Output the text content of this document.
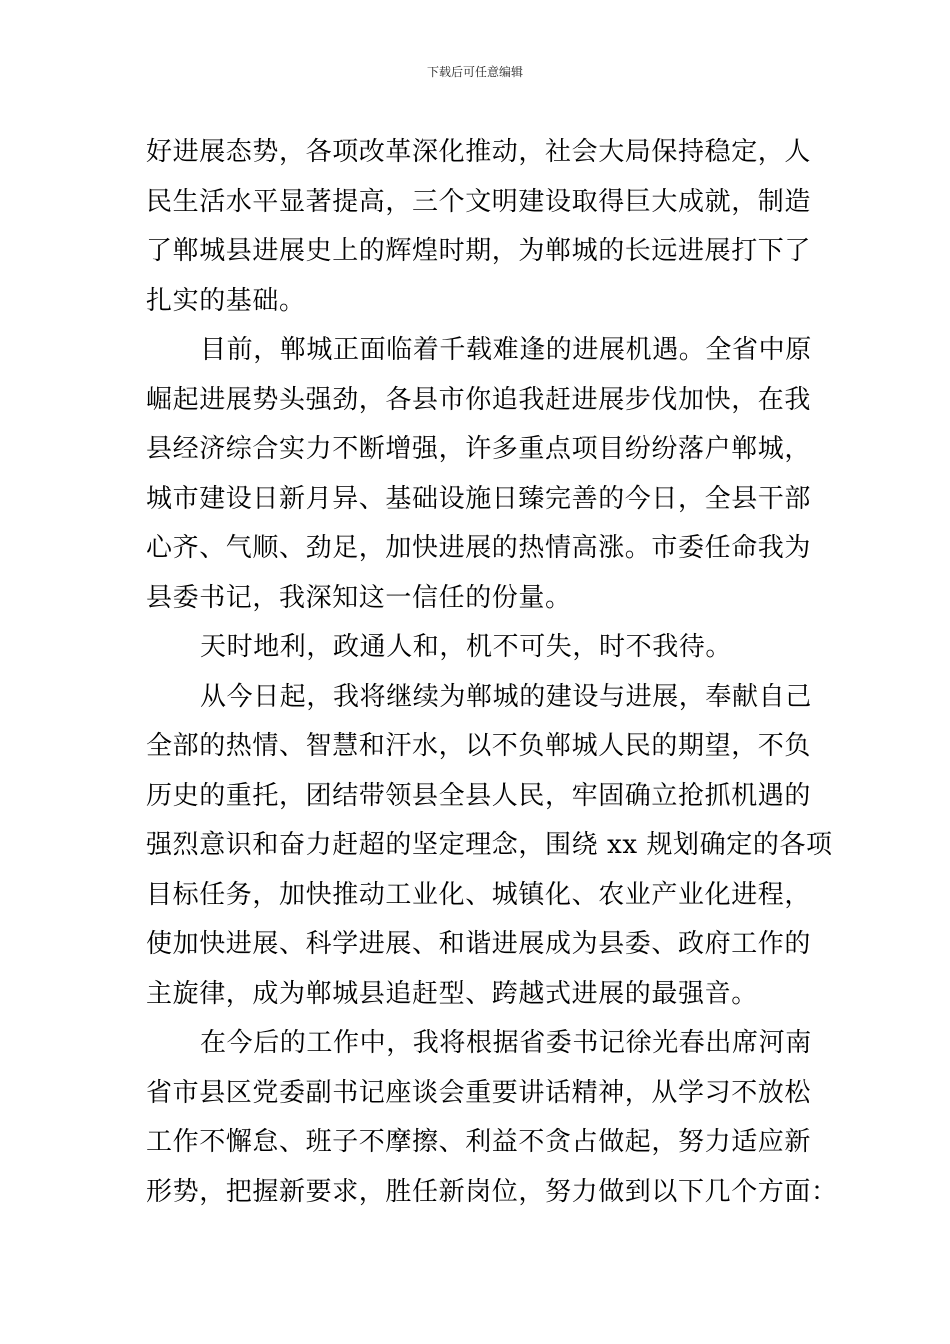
下载后可任意编辑
好进展态势，各项改革深化推动，社会大局保持稳定，人
民生活水平显著提高，三个文明建设取得巨大成就，制造
了郸城县进展史上的辉煌时期，为郸城的长远进展打下了
扎实的基础。
目前，郸城正面临着千载难逢的进展机遇。全省中原
崛起进展势头强劲，各县市你追我赶进展步伐加快，在我
县经济综合实力不断增强，许多重点项目纷纷落户郸城，
城市建设日新月异、基础设施日臻完善的今日，全县干部
心齐、气顺、劲足，加快进展的热情高涨。市委任命我为
县委书记，我深知这一信任的份量。
天时地利，政通人和，机不可失，时不我待。
从今日起，我将继续为郸城的建设与进展，奉献自己
全部的热情、智慧和汗水，以不负郸城人民的期望，不负
历史的重托，团结带领县全县人民，牢固确立抢抓机遇的
强烈意识和奋力赶超的坚定理念，围绕 xx 规划确定的各项
目标任务，加快推动工业化、城镇化、农业产业化进程，
使加快进展、科学进展、和谐进展成为县委、政府工作的
主旋律，成为郸城县追赶型、跨越式进展的最强音。
在今后的工作中，我将根据省委书记徐光春出席河南
省市县区党委副书记座谈会重要讲话精神，从学习不放松
工作不懈怠、班子不摩擦、利益不贪占做起，努力适应新
形势，把握新要求，胜任新岗位，努力做到以下几个方面：
